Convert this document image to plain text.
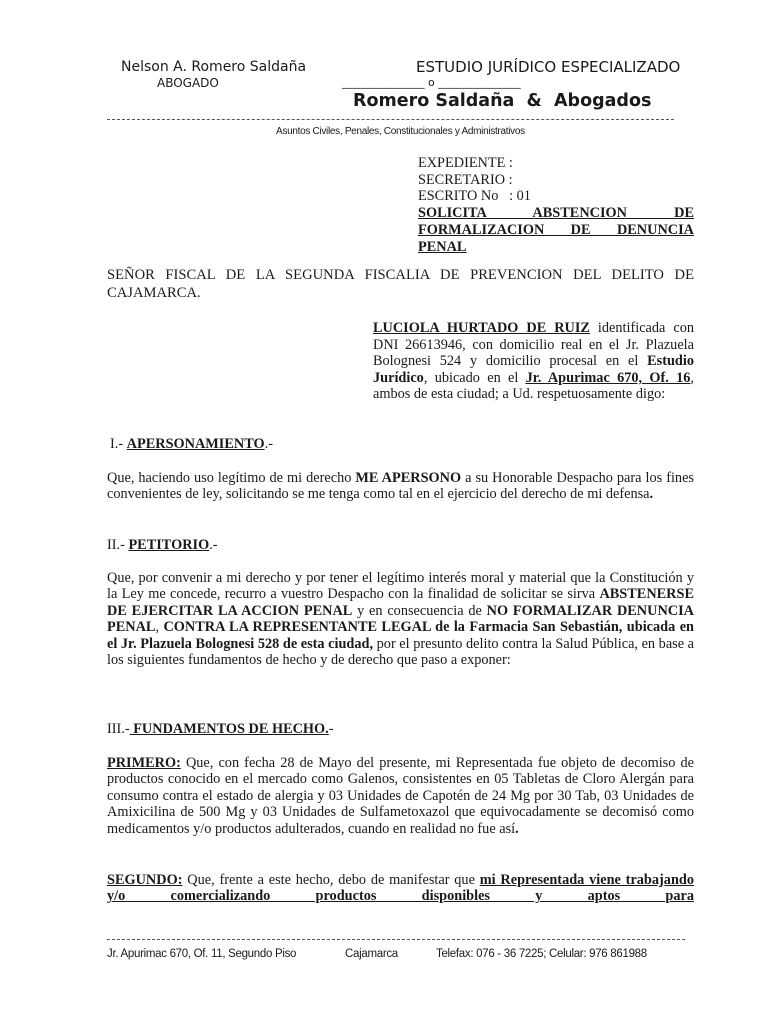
Nelson A. Romero Saldaña
ABOGADO
ESTUDIO JURÍDICO ESPECIALIZADO
_______________ o _______________
Romero Saldaña  &  Abogados
Asuntos Civiles, Penales, Constitucionales y Administrativos
EXPEDIENTE :
SECRETARIO :
ESCRITO No   : 01
SOLICITA ABSTENCION DE
FORMALIZACION DE DENUNCIA
PENAL
SEÑOR FISCAL DE LA SEGUNDA FISCALIA DE PREVENCION DEL DELITO DE CAJAMARCA.
LUCIOLA HURTADO DE RUIZ identificada con DNI 26613946, con domicilio real en el Jr. Plazuela Bolognesi 524 y domicilio procesal en el Estudio Jurídico, ubicado en el Jr. Apurimac 670, Of. 16, ambos de esta ciudad; a Ud. respetuosamente digo:
I.- APERSONAMIENTO.-
Que, haciendo uso legítimo de mi derecho ME APERSONO a su Honorable Despacho para los fines convenientes de ley, solicitando se me tenga como tal en el ejercicio del derecho de mi defensa.
II.- PETITORIO.-
Que, por convenir a mi derecho y por tener el legítimo interés moral y material que la Constitución y la Ley me concede, recurro a vuestro Despacho con la finalidad de solicitar se sirva ABSTENERSE DE EJERCITAR LA ACCION PENAL y en consecuencia de NO FORMALIZAR DENUNCIA PENAL, CONTRA LA REPRESENTANTE LEGAL de la Farmacia San Sebastián, ubicada en el Jr. Plazuela Bolognesi 528 de esta ciudad, por el presunto delito contra la Salud Pública, en base a los siguientes fundamentos de hecho y de derecho que paso a exponer:
III.- FUNDAMENTOS DE HECHO.-
PRIMERO: Que, con fecha 28 de Mayo del presente, mi Representada fue objeto de decomiso de productos conocido en el mercado como Galenos, consistentes en 05 Tabletas de Cloro Alergán para consumo contra el estado de alergia y 03 Unidades de Capotén de 24 Mg por 30 Tab, 03 Unidades de Amixicilina de 500 Mg y 03 Unidades de Sulfametoxazol que equivocadamente se decomisó como medicamentos y/o productos adulterados, cuando en realidad no fue así.
SEGUNDO: Que, frente a este hecho, debo de manifestar que mi Representada viene trabajando y/o comercializando productos disponibles y aptos para
Jr. Apurimac 670, Of. 11, Segundo Piso	Cajamarca	Telefax: 076 - 36 7225; Celular: 976 861988
